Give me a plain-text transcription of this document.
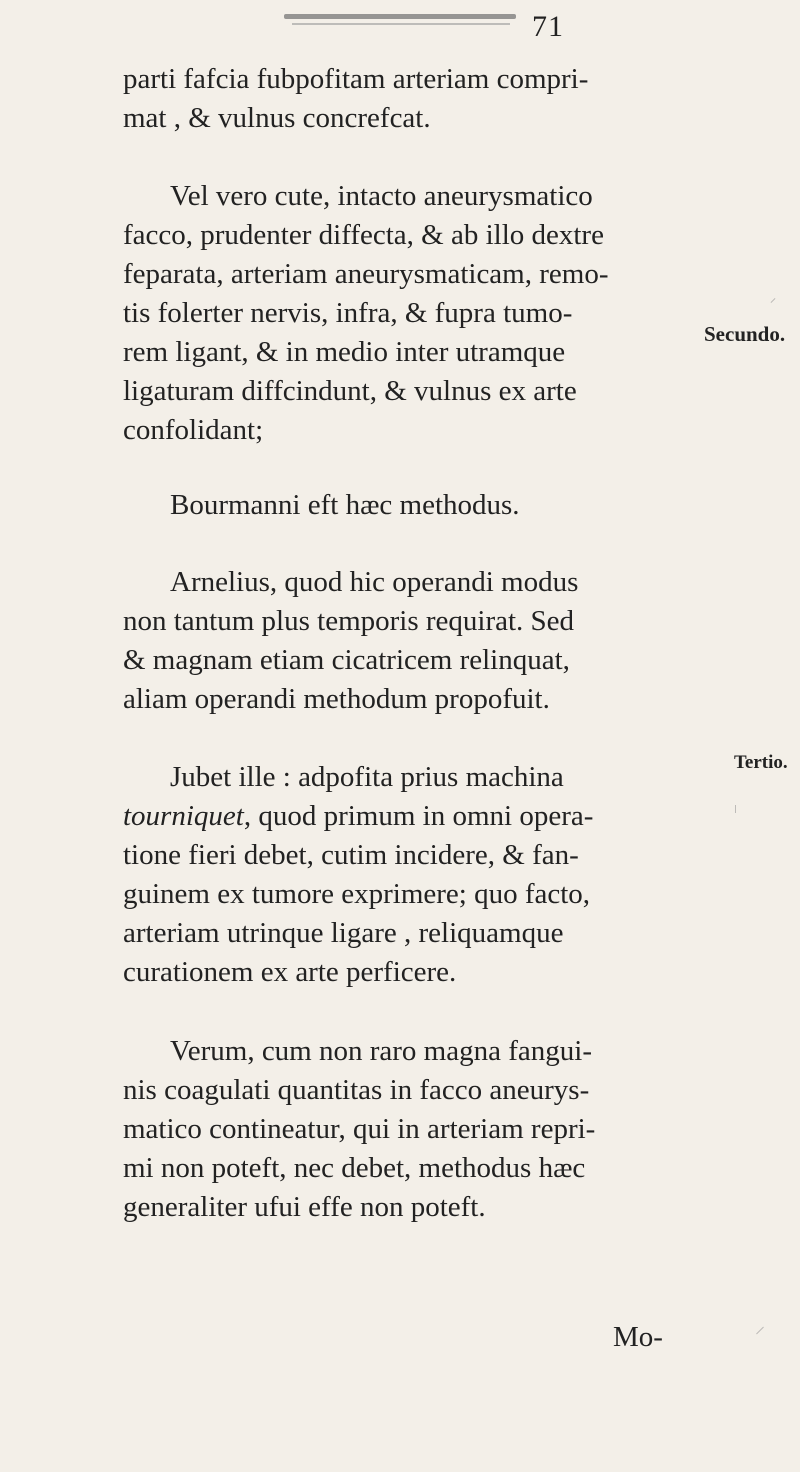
71

parti fafcia fubpofitam arteriam compri-
mat , & vulnus concrefcat.

Vel vero cute, intacto aneurysmatico
facco, prudenter diffecta, & ab illo dextre
feparata, arteriam aneurysmaticam, remo-
tis folerter nervis, infra, & fupra tumo-
rem ligant, & in medio inter utramque
ligaturam diffcindunt, & vulnus ex arte
confolidant;

Bourmanni eft hæc methodus.

Arnelius, quod hic operandi modus
non tantum plus temporis requirat. Sed
& magnam etiam cicatricem relinquat,
aliam operandi methodum propofuit.

Jubet ille : adpofita prius machina
tourniquet, quod primum in omni opera-
tione fieri debet, cutim incidere, & fan-
guinem ex tumore exprimere; quo facto,
arteriam utrinque ligare , reliquamque
curationem ex arte perficere.

Verum, cum non raro magna fangui-
nis coagulati quantitas in facco aneurys-
matico contineatur, qui in arteriam repri-
mi non poteft, nec debet, methodus hæc
generaliter ufui effe non poteft.

Mo-
Secundo.
Tertio.
